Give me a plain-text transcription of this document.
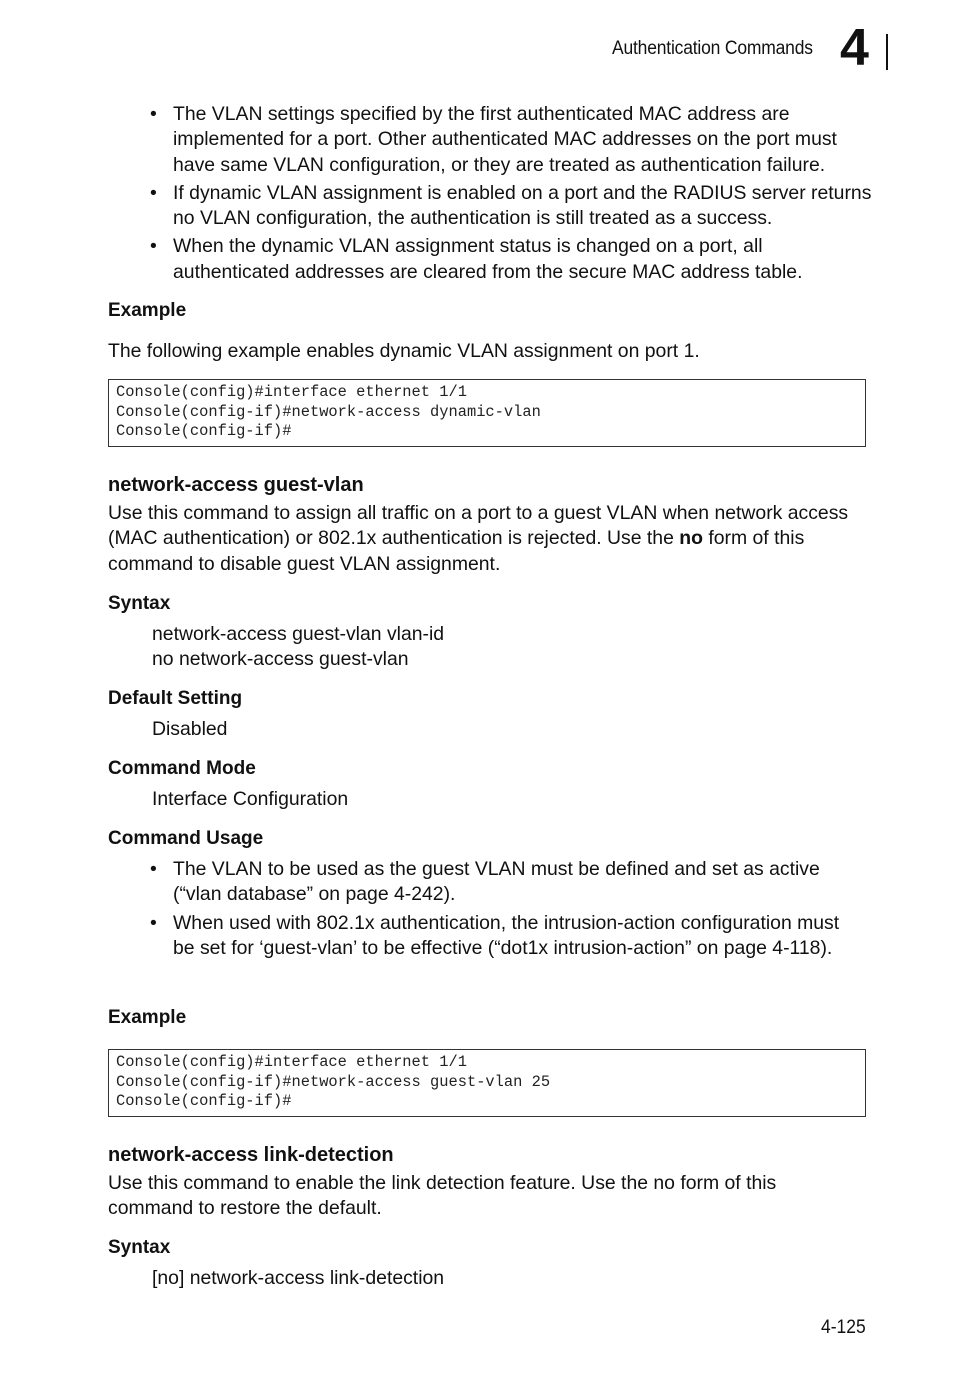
Authentication Commands 4
• The VLAN settings specified by the first authenticated MAC address are implemented for a port. Other authenticated MAC addresses on the port must have same VLAN configuration, or they are treated as authentication failure.
• If dynamic VLAN assignment is enabled on a port and the RADIUS server returns no VLAN configuration, the authentication is still treated as a success.
• When the dynamic VLAN assignment status is changed on a port, all authenticated addresses are cleared from the secure MAC address table.
Example
The following example enables dynamic VLAN assignment on port 1.
Console(config)#interface ethernet 1/1
Console(config-if)#network-access dynamic-vlan
Console(config-if)#
network-access guest-vlan
Use this command to assign all traffic on a port to a guest VLAN when network access (MAC authentication) or 802.1x authentication is rejected. Use the no form of this command to disable guest VLAN assignment.
Syntax
network-access guest-vlan vlan-id
no network-access guest-vlan
Default Setting
Disabled
Command Mode
Interface Configuration
Command Usage
• The VLAN to be used as the guest VLAN must be defined and set as active (“vlan database” on page 4-242).
• When used with 802.1x authentication, the intrusion-action configuration must be set for ‘guest-vlan’ to be effective (“dot1x intrusion-action” on page 4-118).
Example
Console(config)#interface ethernet 1/1
Console(config-if)#network-access guest-vlan 25
Console(config-if)#
network-access link-detection
Use this command to enable the link detection feature. Use the no form of this command to restore the default.
Syntax
[no] network-access link-detection
4-125
